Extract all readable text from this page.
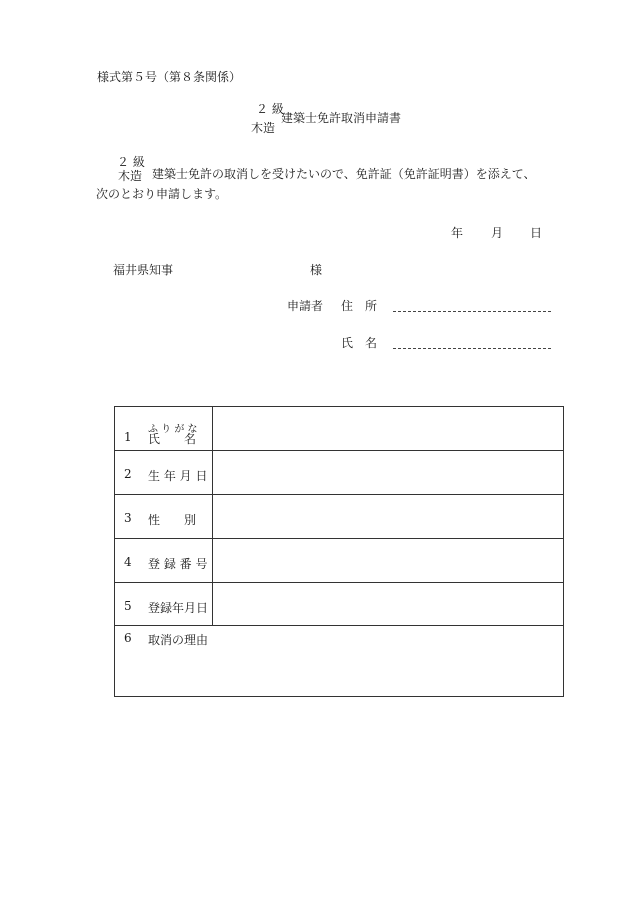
様式第５号（第８条関係）
２ 級
木造
建築士免許取消申請書
２ 級
木造 建築士免許の取消しを受けたいので、免許証（免許証明書）を添えて、
次のとおり申請します。
年 月 日
福井県知事	様
申請者 住　所
氏　名
ふ り が な
1 氏　　名
2 生 年 月 日
3 性　　別
4 登 録 番 号
5 登録年月日
6 取消の理由
